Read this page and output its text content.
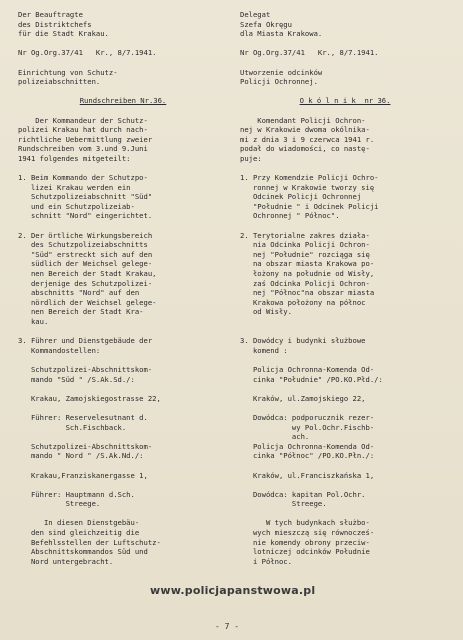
Der Beauftragte
des Distriktchefs
für die Stadt Krakau.
Nr Og.Org.37/41   Kr., 8/7.1941.
Einrichtung von Schutz-
polizeiabschnitten.
Rundschreiben Nr.36.
Der Kommandeur der Schutz-
polizei Krakau hat durch nach-
richtliche Uebermittlung zweier
Rundschreiben vom 3.und 9.Juni
1941 folgendes mitgeteilt:
1. Beim Kommando der Schutzpo-
lizei Krakau werden ein
Schutzpolizeiabschnitt "Süd"
und ein Schutzpolizeiab-
schnitt "Nord" eingerichtet.
2. Der örtliche Wirkungsbereich
des Schutzpolizeiabschnitts
"Süd" erstreckt sich auf den
südlich der Weichsel gelege-
nen Bereich der Stadt Krakau,
derjenige des Schutzpolizei-
abschnitts "Nord" auf den
nördlich der Weichsel gelege-
nen Bereich der Stadt Kra-
kau.
3. Führer und Dienstgebäude der
Kommandostellen:
Schutzpolizei-Abschnittskom-
mando "Süd " /S.Ak.Sd./:
Krakau, Zamojskiegostrasse 22,
Führer: Reservelesutnant d.
Sch.Fischback.
Schutzpolizei-Abschnittskom-
mando " Nord " /S.Ak.Nd./:
Krakau,Franziskanergasse 1,
Führer: Hauptmann d.Sch.
Streege.
In diesen Dienstgebäu-
den sind gleichzeitig die
Befehlsstellen der Luftschutz-
Abschnittskommandos Süd und
Nord untergebracht.
Delegat
Szefa Okręgu
dla Miasta Krakowa.
Nr Og.Org.37/41   Kr., 8/7.1941.
Utworzenie odcinków
Policji Ochronnej.
O k ó l n i k  nr 36.
Komendant Policji Ochron-
nej w Krakowie dwoma okólnika-
mi z dnia 3 i 9 czerwca 1941 r.
podał do wiadomości, co nastę-
puje:
1. Przy Komendzie Policji Ochro-
ronnej w Krakowie tworzy się
Odcinek Policji Ochronnej
"Południe " i Odcinek Policji
Ochronnej " Północ".
2. Terytorialne zakres działa-
nia Odcinka Policji Ochron-
nej "Południe" rozciąga się
na obszar miasta Krakowa po-
łożony na południe od Wisły,
zaś Odcinka Policji Ochron-
nej "Północ"na obszar miasta
Krakowa położony na północ
od Wisły.
3. Dowódcy i budynki służbowe
komend :
Policja Ochronna-Komenda Od-
cinka "Południe" /PO.KO.Płd./:
Kraków, ul.Zamojskiego 22,
Dowódca: podporucznik rezer-
wy Pol.Ochr.Fischb-
ach.
Policja Ochronna-Komenda Od-
cinka "Północ" /PO.KO.Płn./:
Kraków, ul.Franciszkańska 1,
Dowódca: kapitan Pol.Ochr.
Streege.
W tych budynkach służbo-
wych mieszczą się równocześ-
nie komendy obrony przeciw-
lotniczej odcinków Południe
i Północ.
www.policjapanstwowa.pl
- 7 -
